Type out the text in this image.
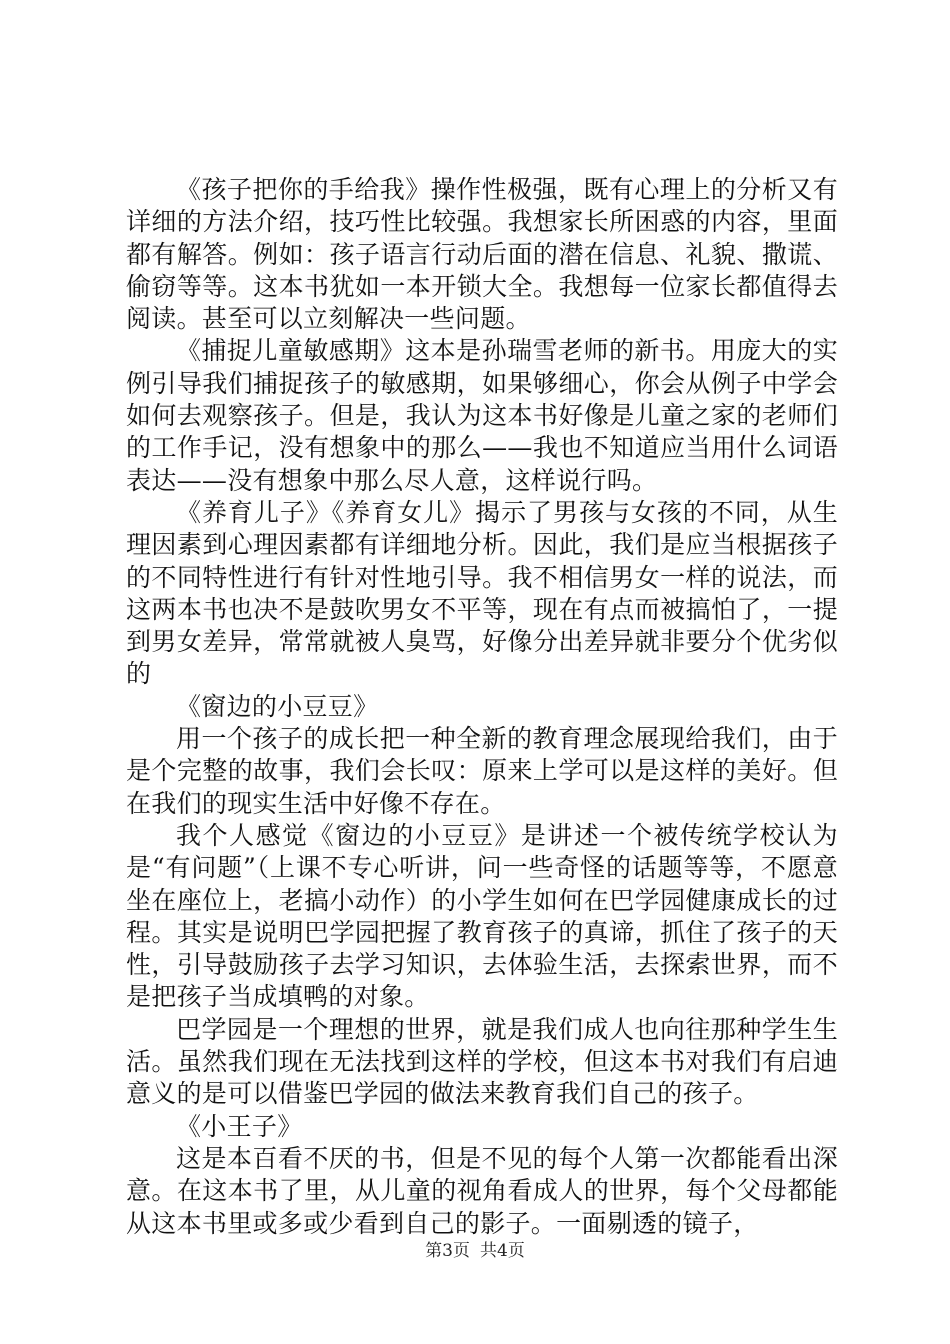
《孩子把你的手给我》操作性极强，既有心理上的分析又有详细的方法介绍，技巧性比较强。我想家长所困惑的内容，里面都有解答。例如：孩子语言行动后面的潜在信息、礼貌、撒谎、偷窃等等。这本书犹如一本开锁大全。我想每一位家长都值得去阅读。甚至可以立刻解决一些问题。

《捕捉儿童敏感期》这本是孙瑞雪老师的新书。用庞大的实例引导我们捕捉孩子的敏感期，如果够细心，你会从例子中学会如何去观察孩子。但是，我认为这本书好像是儿童之家的老师们的工作手记，没有想象中的那么——我也不知道应当用什么词语表达——没有想象中那么尽人意，这样说行吗。

《养育儿子》《养育女儿》揭示了男孩与女孩的不同，从生理因素到心理因素都有详细地分析。因此，我们是应当根据孩子的不同特性进行有针对性地引导。我不相信男女一样的说法，而这两本书也决不是鼓吹男女不平等，现在有点而被搞怕了，一提到男女差异，常常就被人臭骂，好像分出差异就非要分个优劣似的

《窗边的小豆豆》

用一个孩子的成长把一种全新的教育理念展现给我们，由于是个完整的故事，我们会长叹：原来上学可以是这样的美好。但在我们的现实生活中好像不存在。

我个人感觉《窗边的小豆豆》是讲述一个被传统学校认为是“有问题”（上课不专心听讲，问一些奇怪的话题等等，不愿意坐在座位上，老搞小动作）的小学生如何在巴学园健康成长的过程。其实是说明巴学园把握了教育孩子的真谛，抓住了孩子的天性，引导鼓励孩子去学习知识，去体验生活，去探索世界，而不是把孩子当成填鸭的对象。

巴学园是一个理想的世界，就是我们成人也向往那种学生生活。虽然我们现在无法找到这样的学校，但这本书对我们有启迪意义的是可以借鉴巴学园的做法来教育我们自己的孩子。

《小王子》

这是本百看不厌的书，但是不见的每个人第一次都能看出深意。在这本书了里，从儿童的视角看成人的世界，每个父母都能从这本书里或多或少看到自己的影子。一面剔透的镜子，

第3页 共4页
